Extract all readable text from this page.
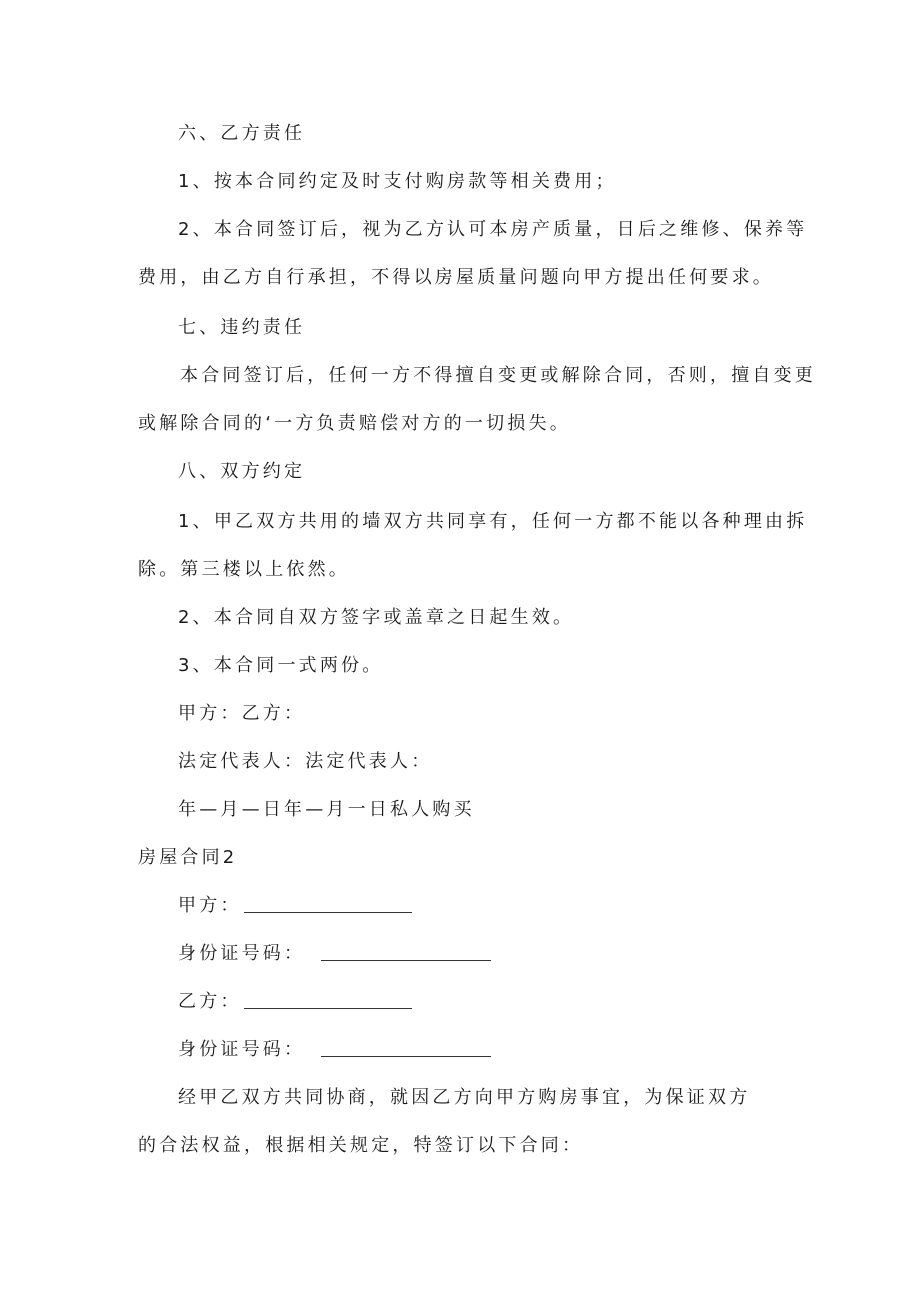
六、乙方责任
1、按本合同约定及时支付购房款等相关费用；
2、本合同签订后，视为乙方认可本房产质量，日后之维修、保养等
费用，由乙方自行承担，不得以房屋质量问题向甲方提出任何要求。
七、违约责任
本合同签订后，任何一方不得擅自变更或解除合同，否则，擅自变更
或解除合同的‘一方负责赔偿对方的一切损失。
八、双方约定
1、甲乙双方共用的墙双方共同享有，任何一方都不能以各种理由拆
除。第三楼以上依然。
2、本合同自双方签字或盖章之日起生效。
3、本合同一式两份。
甲方：乙方：
法定代表人：法定代表人：
年—月—日年—月一日私人购买
房屋合同2
甲方：
身份证号码：
乙方：
身份证号码：
经甲乙双方共同协商，就因乙方向甲方购房事宜，为保证双方
的合法权益，根据相关规定，特签订以下合同：
